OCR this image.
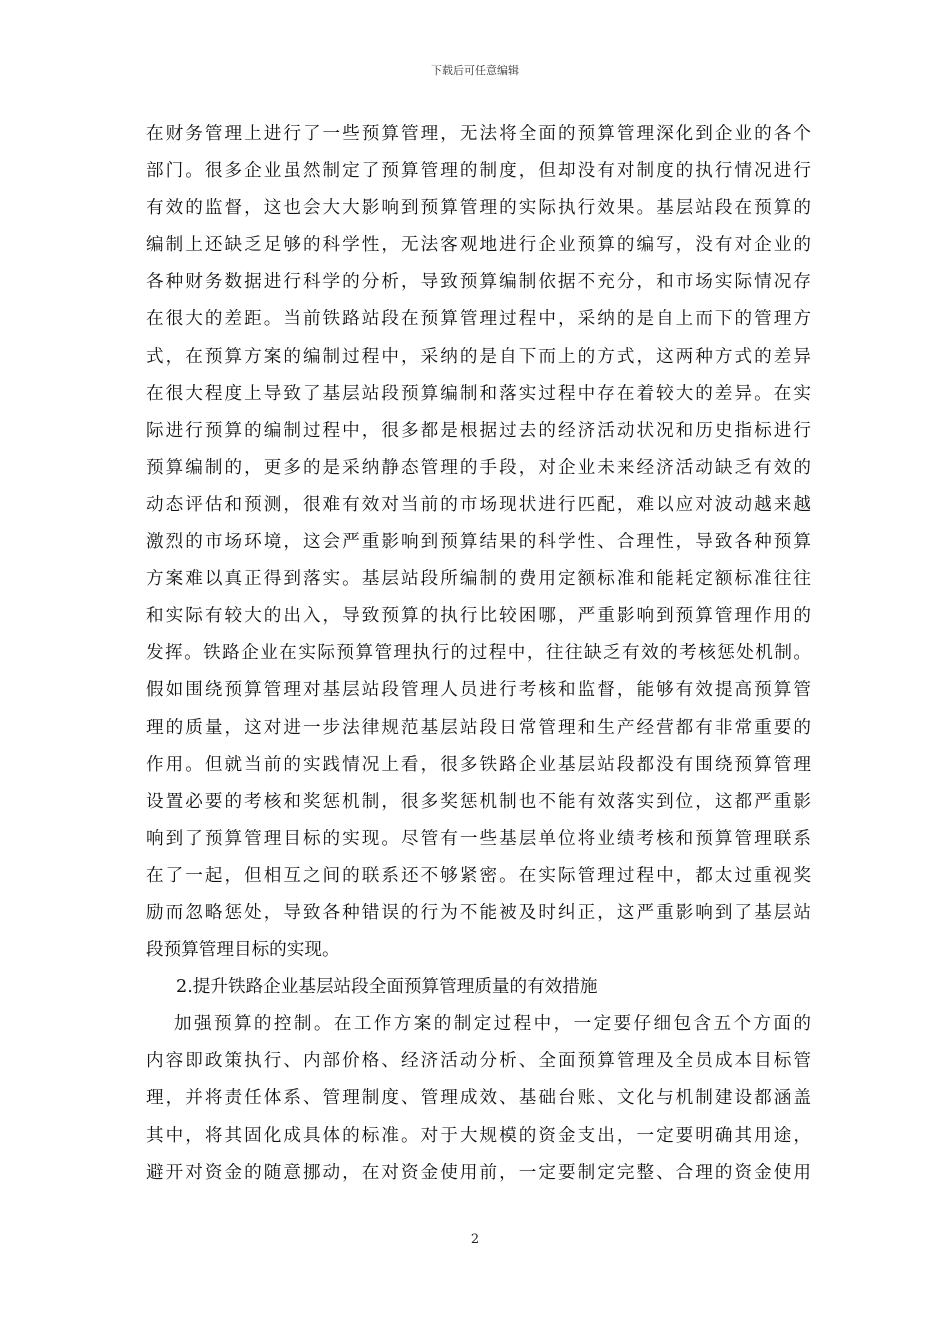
下载后可任意编辑
在财务管理上进行了一些预算管理，无法将全面的预算管理深化到企业的各个
部门。很多企业虽然制定了预算管理的制度，但却没有对制度的执行情况进行
有效的监督，这也会大大影响到预算管理的实际执行效果。基层站段在预算的
编制上还缺乏足够的科学性，无法客观地进行企业预算的编写，没有对企业的
各种财务数据进行科学的分析，导致预算编制依据不充分，和市场实际情况存
在很大的差距。当前铁路站段在预算管理过程中，采纳的是自上而下的管理方
式，在预算方案的编制过程中，采纳的是自下而上的方式，这两种方式的差异
在很大程度上导致了基层站段预算编制和落实过程中存在着较大的差异。在实
际进行预算的编制过程中，很多都是根据过去的经济活动状况和历史指标进行
预算编制的，更多的是采纳静态管理的手段，对企业未来经济活动缺乏有效的
动态评估和预测，很难有效对当前的市场现状进行匹配，难以应对波动越来越
激烈的市场环境，这会严重影响到预算结果的科学性、合理性，导致各种预算
方案难以真正得到落实。基层站段所编制的费用定额标准和能耗定额标准往往
和实际有较大的出入，导致预算的执行比较困哪，严重影响到预算管理作用的
发挥。铁路企业在实际预算管理执行的过程中，往往缺乏有效的考核惩处机制。
假如围绕预算管理对基层站段管理人员进行考核和监督，能够有效提高预算管
理的质量，这对进一步法律规范基层站段日常管理和生产经营都有非常重要的
作用。但就当前的实践情况上看，很多铁路企业基层站段都没有围绕预算管理
设置必要的考核和奖惩机制，很多奖惩机制也不能有效落实到位，这都严重影
响到了预算管理目标的实现。尽管有一些基层单位将业绩考核和预算管理联系
在了一起，但相互之间的联系还不够紧密。在实际管理过程中，都太过重视奖
励而忽略惩处，导致各种错误的行为不能被及时纠正，这严重影响到了基层站
段预算管理目标的实现。
2.提升铁路企业基层站段全面预算管理质量的有效措施
加强预算的控制。在工作方案的制定过程中，一定要仔细包含五个方面的
内容即政策执行、内部价格、经济活动分析、全面预算管理及全员成本目标管
理，并将责任体系、管理制度、管理成效、基础台账、文化与机制建设都涵盖
其中，将其固化成具体的标准。对于大规模的资金支出，一定要明确其用途，
避开对资金的随意挪动，在对资金使用前，一定要制定完整、合理的资金使用
2
